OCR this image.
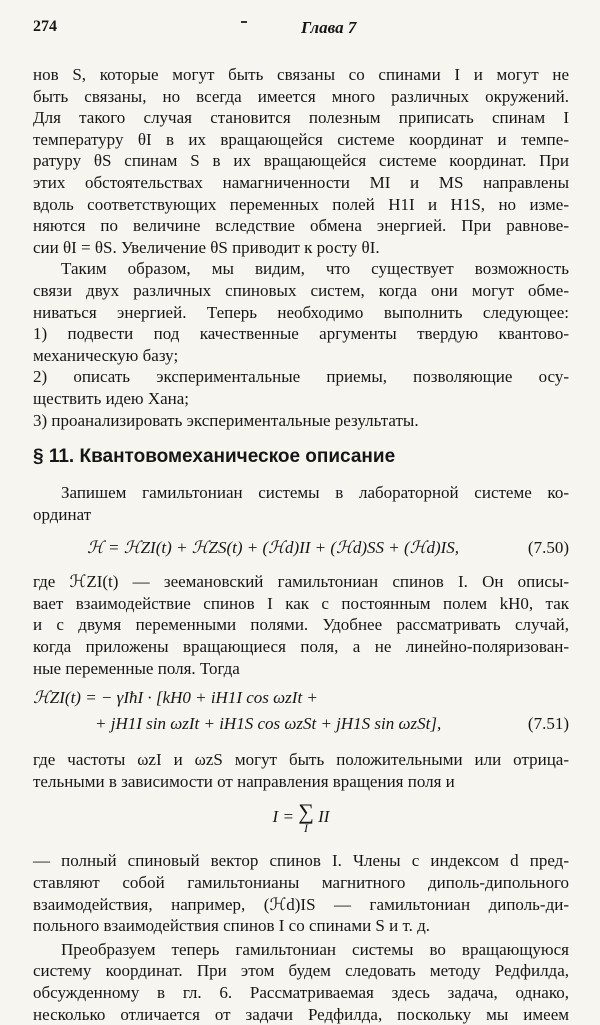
274	Глава 7
нов S, которые могут быть связаны со спинами I и могут не
быть связаны, но всегда имеется много различных окружений.
Для такого случая становится полезным приписать спинам I
температуру θI в их вращающейся системе координат и темпе-
ратуру θS спинам S в их вращающейся системе координат. При
этих обстоятельствах намагниченности MI и MS направлены
вдоль соответствующих переменных полей H1I и H1S, но изме-
няются по величине вследствие обмена энергией. При равнове-
сии θI = θS. Увеличение θS приводит к росту θI.
Таким образом, мы видим, что существует возможность
связи двух различных спиновых систем, когда они могут обме-
ниваться энергией. Теперь необходимо выполнить следующее:
1) подвести под качественные аргументы твердую квантово-
механическую базу;
2) описать экспериментальные приемы, позволяющие осу-
ществить идею Хана;
3) проанализировать экспериментальные результаты.
§ 11. Квантовомеханическое описание
Запишем гамильтониан системы в лабораторной системе ко-
ординат
ℋ = ℋZI(t) + ℋZS(t) + (ℋd)II + (ℋd)SS + (ℋd)IS,	(7.50)
где ℋZI(t) — зеемановский гамильтониан спинов I. Он описы-
вает взаимодействие спинов I как с постоянным полем kH0, так
и с двумя переменными полями. Удобнее рассматривать случай,
когда приложены вращающиеся поля, а не линейно-поляризован-
ные переменные поля. Тогда
ℋZI(t) = − γIħI · [kH0 + iH1I cos ωzIt +
+ jH1I sin ωzIt + iH1S cos ωzSt + jH1S sin ωzSt],	(7.51)
где частоты ωzI и ωzS могут быть положительными или отрица-
тельными в зависимости от направления вращения поля и
I = ∑
I
II
— полный спиновый вектор спинов I. Члены с индексом d пред-
ставляют собой гамильтонианы магнитного диполь-дипольного
взаимодействия, например, (ℋd)IS — гамильтониан диполь-ди-
польного взаимодействия спинов I со спинами S и т. д.
Преобразуем теперь гамильтониан системы во вращающуюся
систему координат. При этом будем следовать методу Редфилда,
обсужденному в гл. 6. Рассматриваемая здесь задача, однако,
несколько отличается от задачи Редфилда, поскольку мы имеем
